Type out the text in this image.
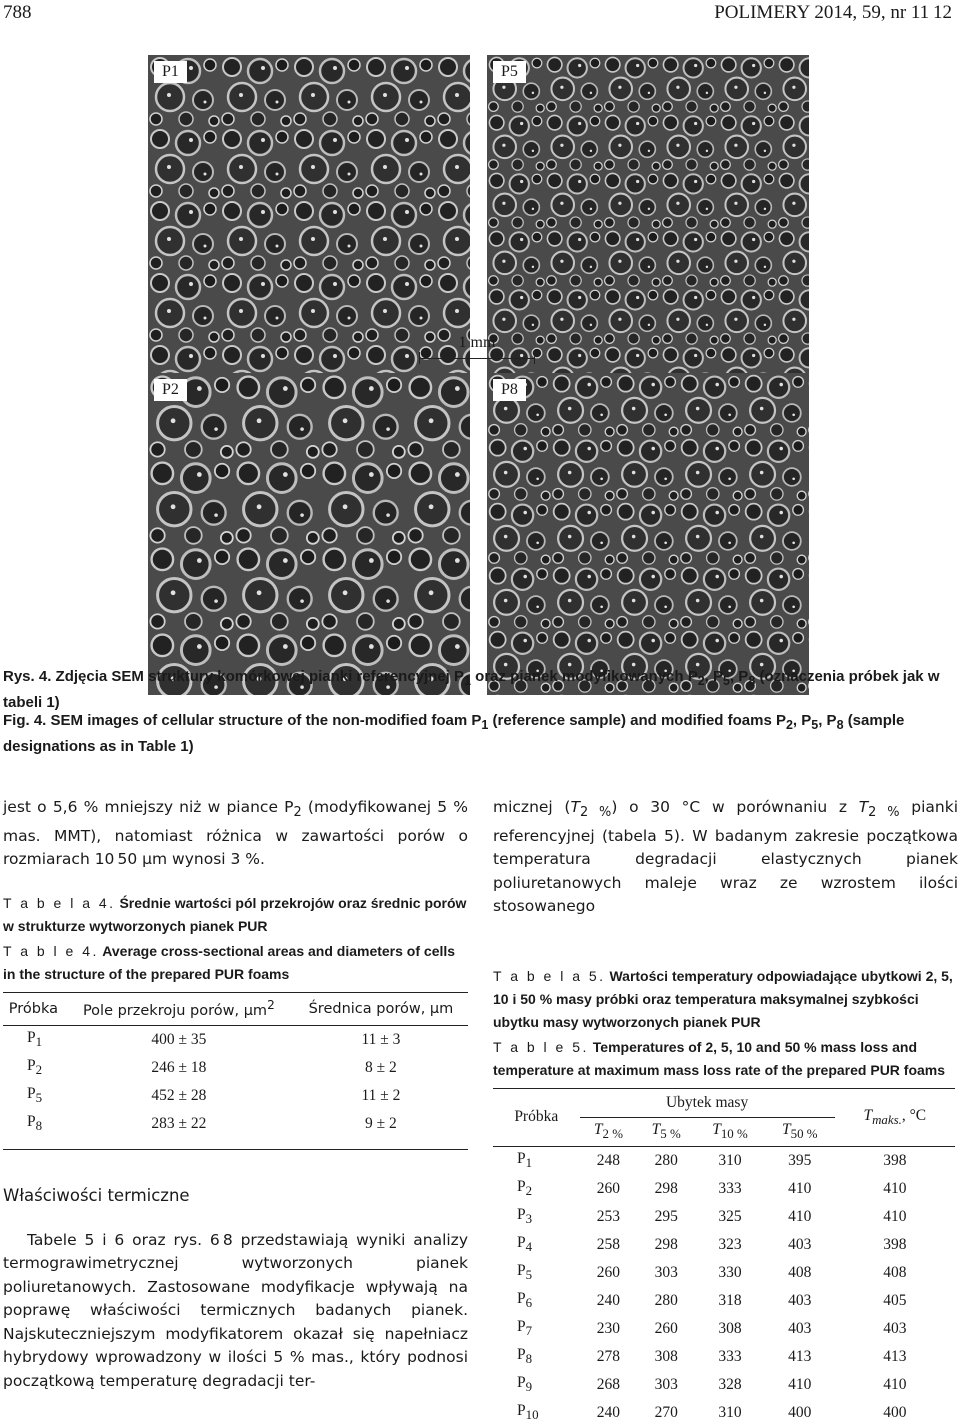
788	POLIMERY 2014, 59, nr 11 12
P1	P5
1 mm
P2	P8
Rys. 4. Zdjęcia SEM struktury komórkowej pianki referencyjnej $P_1$ oraz pianek modyfikowanych $P_2$, $P_5$, $P_8$ (oznaczenia próbek jak w tabeli 1)
Fig. 4. SEM images of cellular structure of the non-modified foam $P_1$ (reference sample) and modified foams $P_2$, $P_5$, $P_8$ (sample designations as in Table 1)
jest o 5,6 % mniejszy niż w piance $P_2$ (modyfikowanej 5 % mas. MMT), natomiast różnica w zawartości porów o rozmiarach 10 50 μm wynosi 3 %.
T a b e l a 4. Średnie wartości pól przekrojów oraz średnic porów w strukturze wytworzonych pianek PUR
T a b l e 4. Average cross-sectional areas and diameters of cells in the structure of the prepared PUR foams
Próbka	Pole przekroju porów, $\mu m^2$	Średnica porów, μm
$P_1$	400 ± 35	11 ± 3
$P_2$	246 ± 18	8 ± 2
$P_5$	452 ± 28	11 ± 2
$P_8$	283 ± 22	9 ± 2
Właściwości termiczne
Tabele 5 i 6 oraz rys. 6 8 przedstawiają wyniki analizy termograwimetrycznej wytworzonych pianek poliuretanowych. Zastosowane modyfikacje wpływają na poprawę właściwości termicznych badanych pianek. Najskuteczniejszym modyfikatorem okazał się napełniacz hybrydowy wprowadzony w ilości 5 % mas., który podnosi początkową temperaturę degradacji ter-
micznej $(T_{2 \%})$ o 30 °C w porównaniu z $T_{2 \%}$ pianki referencyjnej (tabela 5). W badanym zakresie początkowa temperatura degradacji elastycznych pianek poliuretanowych maleje wraz ze wzrostem ilości stosowanego
T a b e l a 5. Wartości temperatury odpowiadające ubytkowi 2, 5, 10 i 50 % masy próbki oraz temperatura maksymalnej szybkości ubytku masy wytworzonych pianek PUR
T a b l e 5. Temperatures of 2, 5, 10 and 50 % mass loss and temperature at maximum mass loss rate of the prepared PUR foams
Próbka	Ubytek masy				$T_{maks.}$, °C
	$T_{2 \%}$	$T_{5 \%}$	$T_{10 \%}$	$T_{50 \%}$
$P_1$	248	280	310	395	398
$P_2$	260	298	333	410	410
$P_3$	253	295	325	410	410
$P_4$	258	298	323	403	398
$P_5$	260	303	330	408	408
$P_6$	240	280	318	403	405
$P_7$	230	260	308	403	403
$P_8$	278	308	333	413	413
$P_9$	268	303	328	410	410
$P_{10}$	240	270	310	400	400
